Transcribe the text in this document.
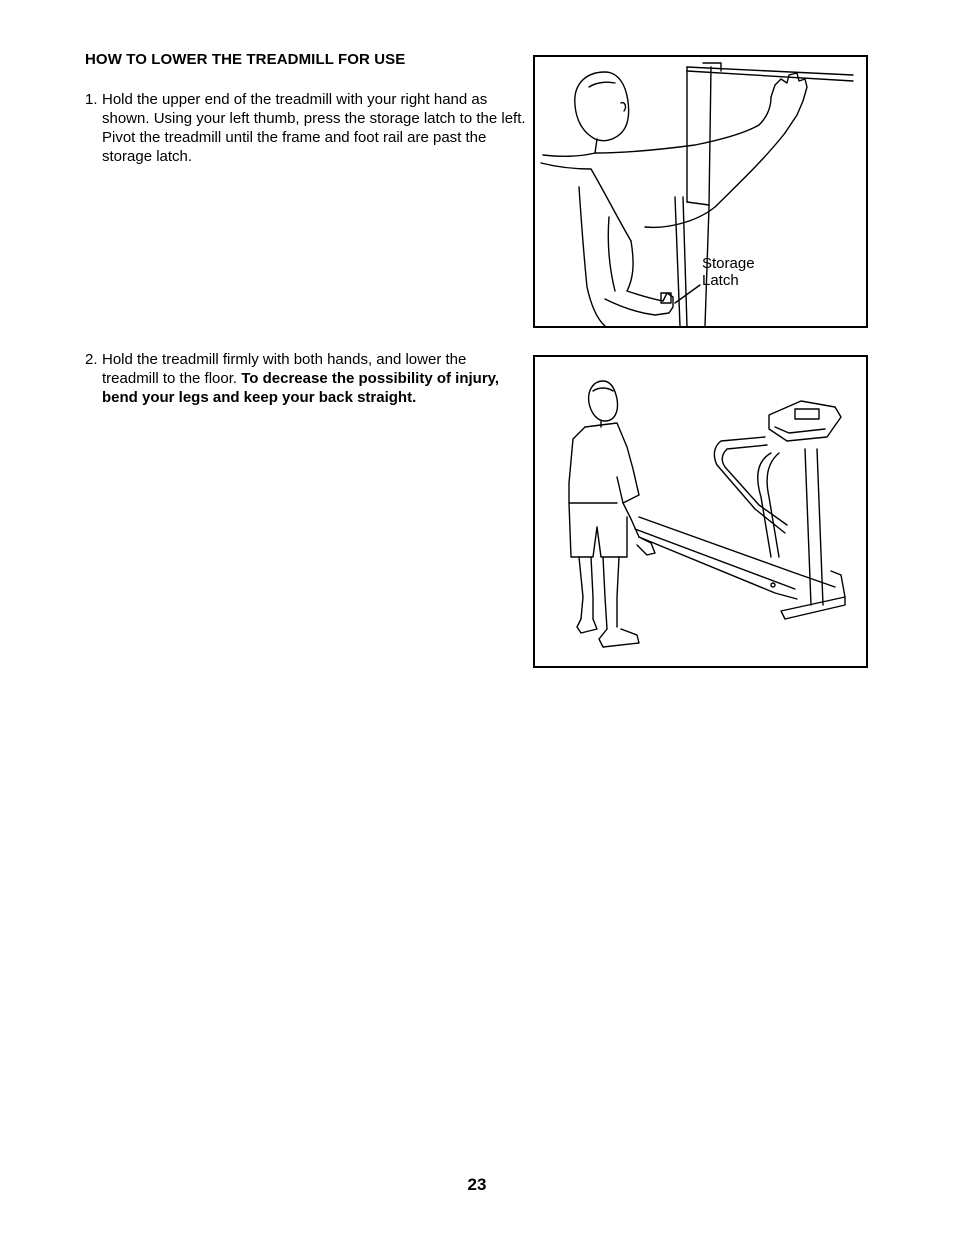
HOW TO LOWER THE TREADMILL FOR USE
1. Hold the upper end of the treadmill with your right hand as shown. Using your left thumb, press the storage latch to the left. Pivot the treadmill until the frame and foot rail are past the storage latch.
Storage
Latch
2. Hold the treadmill firmly with both hands, and lower the treadmill to the floor. To decrease the possibility of injury, bend your legs and keep your back straight.
23
